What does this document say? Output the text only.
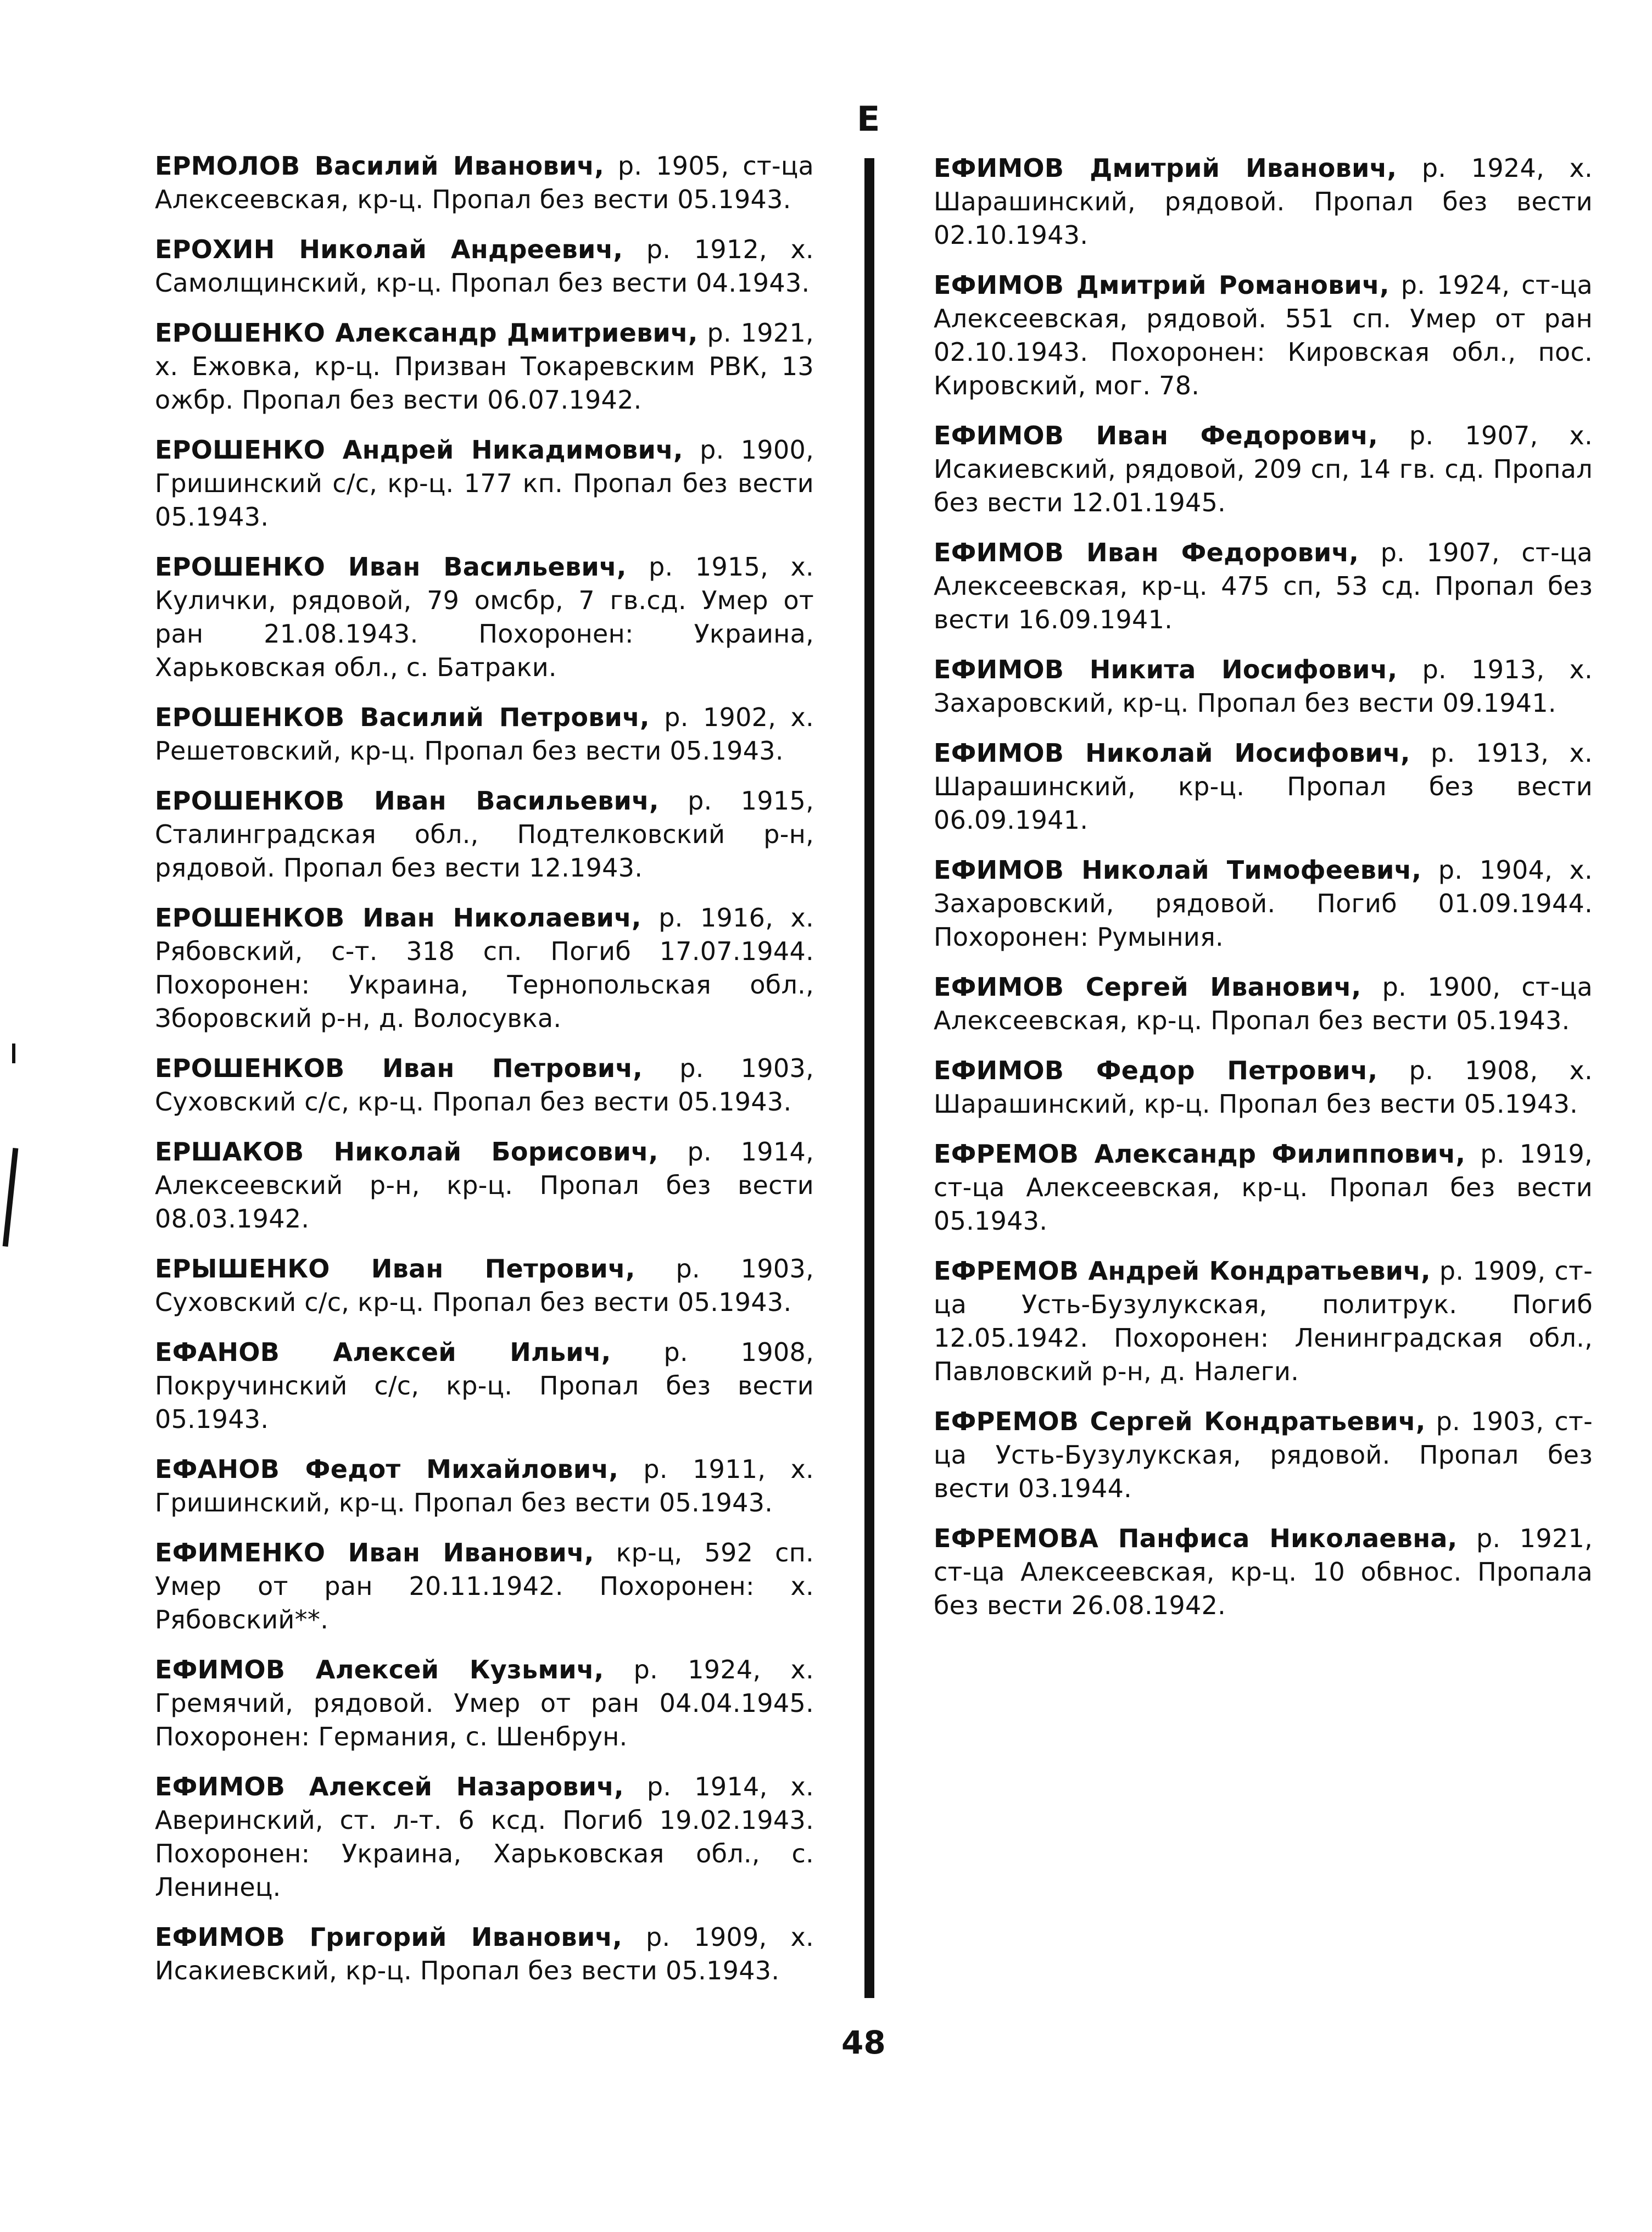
Е

ЕРМОЛОВ Василий Иванович, р. 1905, ст-ца Алексеевская, кр-ц. Пропал без вести 05.1943.

ЕРОХИН Николай Андреевич, р. 1912, х. Самолщинский, кр-ц. Пропал без вести 04.1943.

ЕРОШЕНКО Александр Дмитриевич, р. 1921, х. Ежовка, кр-ц. Призван Токаревским РВК, 13 ожбр. Пропал без вести 06.07.1942.

ЕРОШЕНКО Андрей Никадимович, р. 1900, Гришинский с/с, кр-ц. 177 кп. Пропал без вести 05.1943.

ЕРОШЕНКО Иван Васильевич, р. 1915, х. Кулички, рядовой, 79 омсбр, 7 гв.сд. Умер от ран 21.08.1943. Похоронен: Украина, Харьковская обл., с. Батраки.

ЕРОШЕНКОВ Василий Петрович, р. 1902, х. Решетовский, кр-ц. Пропал без вести 05.1943.

ЕРОШЕНКОВ Иван Васильевич, р. 1915, Сталинградская обл., Подтелковский р-н, рядовой. Пропал без вести 12.1943.

ЕРОШЕНКОВ Иван Николаевич, р. 1916, х. Рябовский, с-т. 318 сп. Погиб 17.07.1944. Похоронен: Украина, Тернопольская обл., Зборовский р-н, д. Волосувка.

ЕРОШЕНКОВ Иван Петрович, р. 1903, Суховский с/с, кр-ц. Пропал без вести 05.1943.

ЕРШАКОВ Николай Борисович, р. 1914, Алексеевский р-н, кр-ц. Пропал без вести 08.03.1942.

ЕРЫШЕНКО Иван Петрович, р. 1903, Суховский с/с, кр-ц. Пропал без вести 05.1943.

ЕФАНОВ Алексей Ильич, р. 1908, Покручинский с/с, кр-ц. Пропал без вести 05.1943.

ЕФАНОВ Федот Михайлович, р. 1911, х. Гришинский, кр-ц. Пропал без вести 05.1943.

ЕФИМЕНКО Иван Иванович, кр-ц, 592 сп. Умер от ран 20.11.1942. Похоронен: х. Рябовский**.

ЕФИМОВ Алексей Кузьмич, р. 1924, х. Гремячий, рядовой. Умер от ран 04.04.1945. Похоронен: Германия, с. Шенбрун.

ЕФИМОВ Алексей Назарович, р. 1914, х. Аверинский, ст. л-т. 6 ксд. Погиб 19.02.1943. Похоронен: Украина, Харьковская обл., с. Ленинец.

ЕФИМОВ Григорий Иванович, р. 1909, х. Исакиевский, кр-ц. Пропал без вести 05.1943.

ЕФИМОВ Дмитрий Иванович, р. 1924, х. Шарашинский, рядовой. Пропал без вести 02.10.1943.

ЕФИМОВ Дмитрий Романович, р. 1924, ст-ца Алексеевская, рядовой. 551 сп. Умер от ран 02.10.1943. Похоронен: Кировская обл., пос. Кировский, мог. 78.

ЕФИМОВ Иван Федорович, р. 1907, х. Исакиевский, рядовой, 209 сп, 14 гв. сд. Пропал без вести 12.01.1945.

ЕФИМОВ Иван Федорович, р. 1907, ст-ца Алексеевская, кр-ц. 475 сп, 53 сд. Пропал без вести 16.09.1941.

ЕФИМОВ Никита Иосифович, р. 1913, х. Захаровский, кр-ц. Пропал без вести 09.1941.

ЕФИМОВ Николай Иосифович, р. 1913, х. Шарашинский, кр-ц. Пропал без вести 06.09.1941.

ЕФИМОВ Николай Тимофеевич, р. 1904, х. Захаровский, рядовой. Погиб 01.09.1944. Похоронен: Румыния.

ЕФИМОВ Сергей Иванович, р. 1900, ст-ца Алексеевская, кр-ц. Пропал без вести 05.1943.

ЕФИМОВ Федор Петрович, р. 1908, х. Шарашинский, кр-ц. Пропал без вести 05.1943.

ЕФРЕМОВ Александр Филиппович, р. 1919, ст-ца Алексеевская, кр-ц. Пропал без вести 05.1943.

ЕФРЕМОВ Андрей Кондратьевич, р. 1909, ст-ца Усть-Бузулукская, политрук. Погиб 12.05.1942. Похоронен: Ленинградская обл., Павловский р-н, д. Налеги.

ЕФРЕМОВ Сергей Кондратьевич, р. 1903, ст-ца Усть-Бузулукская, рядовой. Пропал без вести 03.1944.

ЕФРЕМОВА Панфиса Николаевна, р. 1921, ст-ца Алексеевская, кр-ц. 10 обвнос. Пропала без вести 26.08.1942.

48
